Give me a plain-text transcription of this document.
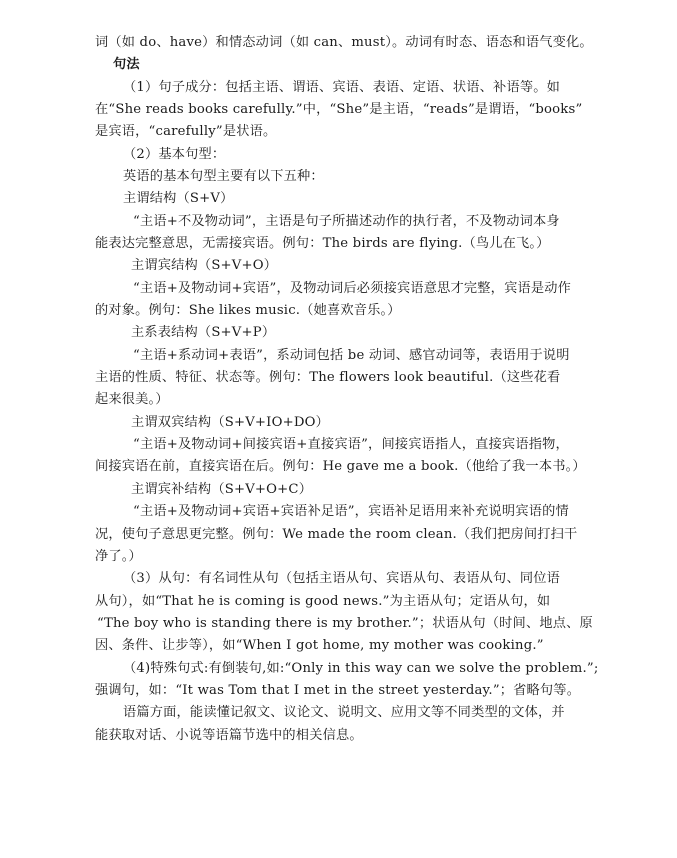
词（如 do、have）和情态动词（如 can、must）。动词有时态、语态和语气变化。
句法
（1）句子成分：包括主语、谓语、宾语、表语、定语、状语、补语等。如
在“She reads books carefully.”中，“She”是主语，“reads”是谓语，“books”
是宾语，“carefully”是状语。
（2）基本句型：
英语的基本句型主要有以下五种：
主谓结构（S+V）
“主语+不及物动词”，主语是句子所描述动作的执行者，不及物动词本身
能表达完整意思，无需接宾语。例句：The birds are flying.（鸟儿在飞。）
主谓宾结构（S+V+O）
“主语+及物动词+宾语”，及物动词后必须接宾语意思才完整，宾语是动作
的对象。例句：She likes music.（她喜欢音乐。）
主系表结构（S+V+P）
“主语+系动词+表语”，系动词包括 be 动词、感官动词等，表语用于说明
主语的性质、特征、状态等。例句：The flowers look beautiful.（这些花看
起来很美。）
主谓双宾结构（S+V+IO+DO）
“主语+及物动词+间接宾语+直接宾语”，间接宾语指人，直接宾语指物，
间接宾语在前，直接宾语在后。例句：He gave me a book.（他给了我一本书。）
主谓宾补结构（S+V+O+C）
“主语+及物动词+宾语+宾语补足语”，宾语补足语用来补充说明宾语的情
况，使句子意思更完整。例句：We made the room clean.（我们把房间打扫干
净了。）
（3）从句：有名词性从句（包括主语从句、宾语从句、表语从句、同位语
从句），如“That he is coming is good news.”为主语从句；定语从句，如
“The boy who is standing there is my brother.”；状语从句（时间、地点、原
因、条件、让步等），如“When I got home, my mother was cooking.”
（4)特殊句式:有倒装句,如:“Only in this way can we solve the problem.”;
强调句，如：“It was Tom that I met in the street yesterday.”；省略句等。
语篇方面，能读懂记叙文、议论文、说明文、应用文等不同类型的文体，并
能获取对话、小说等语篇节选中的相关信息。
